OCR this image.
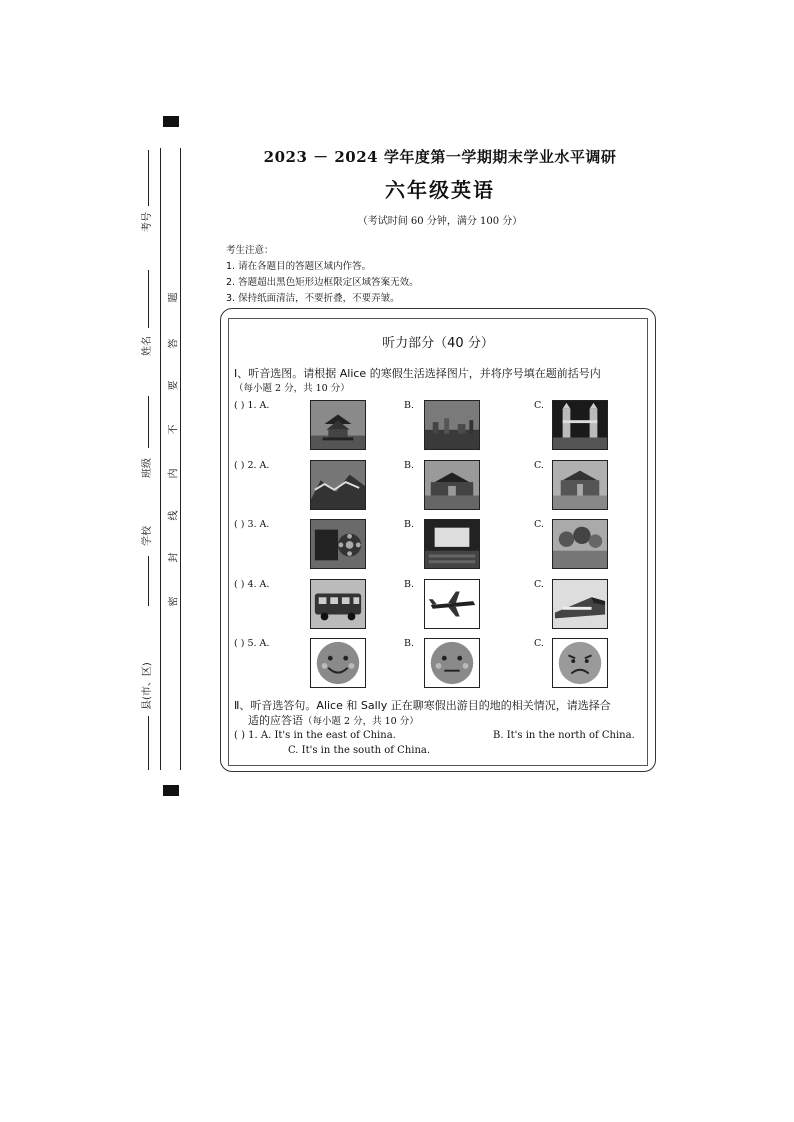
考号
姓名
班级
学校
县(市、区)
题
答
要
不
内
线
封
密
2023 － 2024 学年度第一学期期末学业水平调研
六年级英语
（考试时间 60 分钟，满分 100 分）
考生注意：
1. 请在各题目的答题区域内作答。
2. 答题超出黑色矩形边框限定区域答案无效。
3. 保持纸面清洁，不要折叠，不要弄皱。
听力部分（40 分）
Ⅰ、听音选图。请根据 Alice 的寒假生活选择图片，并将序号填在题前括号内
（每小题 2 分，共 10 分）
( ) 1. A.	B.	C.
( ) 2. A.	B.	C.
( ) 3. A.	B.	C.
( ) 4. A.	B.	C.
( ) 5. A.	B.	C.
Ⅱ、听音选答句。Alice 和 Sally 正在聊寒假出游目的地的相关情况，请选择合
适的应答语（每小题 2 分，共 10 分）
( ) 1. A. It's in the east of China.	B. It's in the north of China.
C. It's in the south of China.
